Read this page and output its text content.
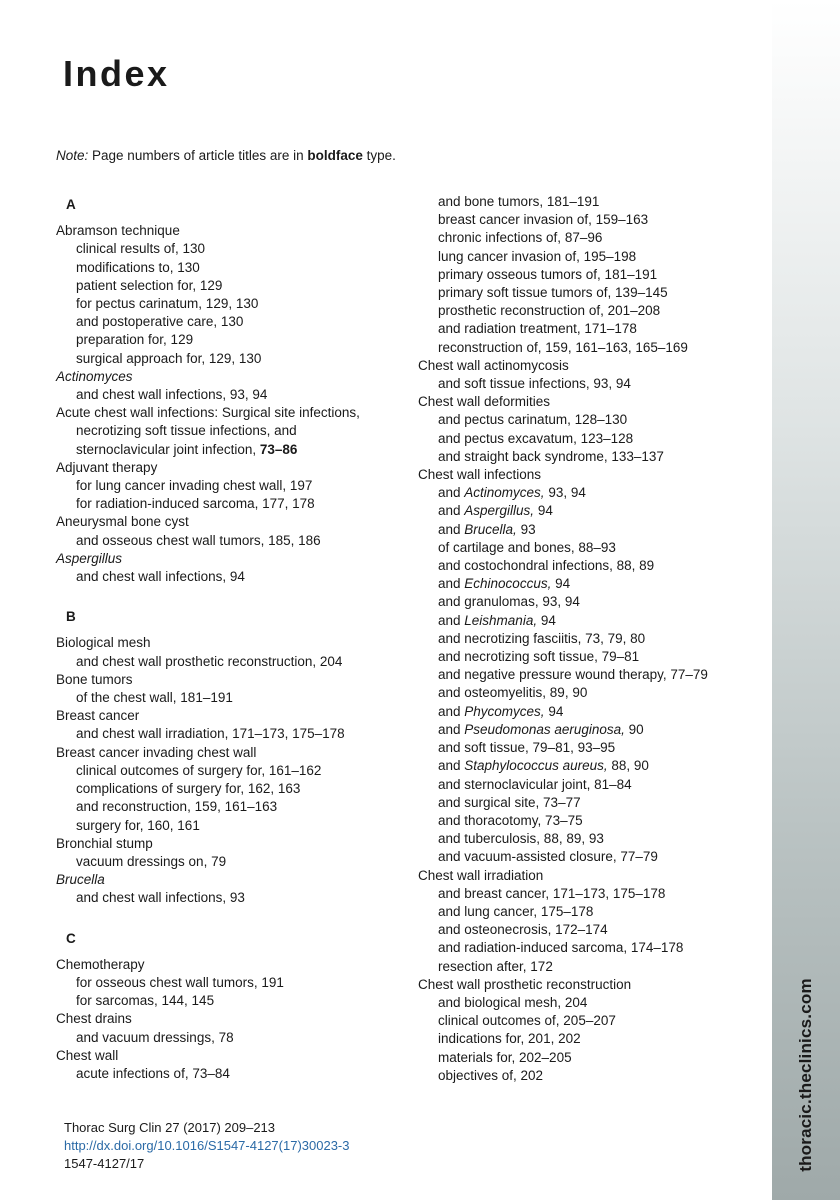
thoracic.theclinics.com
Index
Note: Page numbers of article titles are in boldface type.
A
Abramson technique
clinical results of, 130
modifications to, 130
patient selection for, 129
for pectus carinatum, 129, 130
and postoperative care, 130
preparation for, 129
surgical approach for, 129, 130
Actinomyces
and chest wall infections, 93, 94
Acute chest wall infections: Surgical site infections,
necrotizing soft tissue infections, and
sternoclavicular joint infection, 73–86
Adjuvant therapy
for lung cancer invading chest wall, 197
for radiation-induced sarcoma, 177, 178
Aneurysmal bone cyst
and osseous chest wall tumors, 185, 186
Aspergillus
and chest wall infections, 94
B
Biological mesh
and chest wall prosthetic reconstruction, 204
Bone tumors
of the chest wall, 181–191
Breast cancer
and chest wall irradiation, 171–173, 175–178
Breast cancer invading chest wall
clinical outcomes of surgery for, 161–162
complications of surgery for, 162, 163
and reconstruction, 159, 161–163
surgery for, 160, 161
Bronchial stump
vacuum dressings on, 79
Brucella
and chest wall infections, 93
C
Chemotherapy
for osseous chest wall tumors, 191
for sarcomas, 144, 145
Chest drains
and vacuum dressings, 78
Chest wall
acute infections of, 73–84
and bone tumors, 181–191
breast cancer invasion of, 159–163
chronic infections of, 87–96
lung cancer invasion of, 195–198
primary osseous tumors of, 181–191
primary soft tissue tumors of, 139–145
prosthetic reconstruction of, 201–208
and radiation treatment, 171–178
reconstruction of, 159, 161–163, 165–169
Chest wall actinomycosis
and soft tissue infections, 93, 94
Chest wall deformities
and pectus carinatum, 128–130
and pectus excavatum, 123–128
and straight back syndrome, 133–137
Chest wall infections
and Actinomyces, 93, 94
and Aspergillus, 94
and Brucella, 93
of cartilage and bones, 88–93
and costochondral infections, 88, 89
and Echinococcus, 94
and granulomas, 93, 94
and Leishmania, 94
and necrotizing fasciitis, 73, 79, 80
and necrotizing soft tissue, 79–81
and negative pressure wound therapy, 77–79
and osteomyelitis, 89, 90
and Phycomyces, 94
and Pseudomonas aeruginosa, 90
and soft tissue, 79–81, 93–95
and Staphylococcus aureus, 88, 90
and sternoclavicular joint, 81–84
and surgical site, 73–77
and thoracotomy, 73–75
and tuberculosis, 88, 89, 93
and vacuum-assisted closure, 77–79
Chest wall irradiation
and breast cancer, 171–173, 175–178
and lung cancer, 175–178
and osteonecrosis, 172–174
and radiation-induced sarcoma, 174–178
resection after, 172
Chest wall prosthetic reconstruction
and biological mesh, 204
clinical outcomes of, 205–207
indications for, 201, 202
materials for, 202–205
objectives of, 202
Thorac Surg Clin 27 (2017) 209–213
http://dx.doi.org/10.1016/S1547-4127(17)30023-3
1547-4127/17
